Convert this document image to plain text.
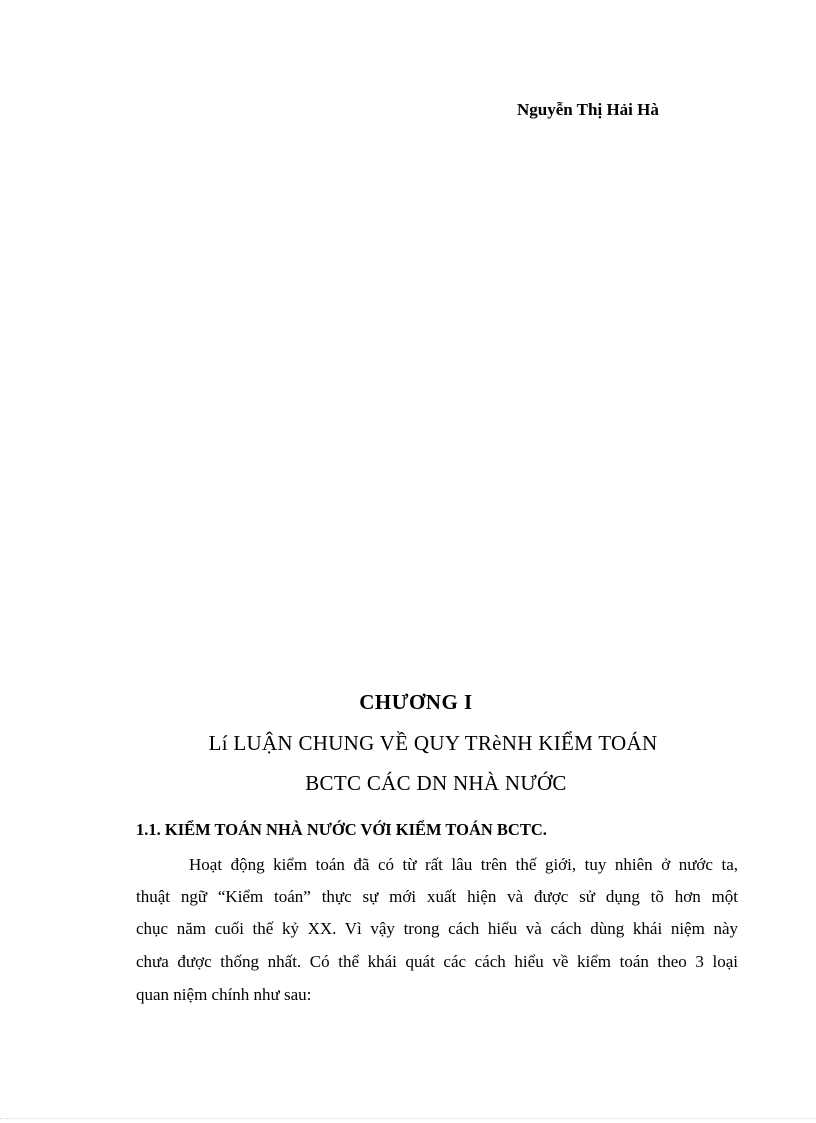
Nguyễn Thị Hải Hà
CHƯƠNG I
Lí LUẬN CHUNG VỀ QUY TRèNH KIỂM TOÁN
BCTC CÁC DN NHÀ NƯỚC
1.1. KIỂM TOÁN NHÀ NƯỚC VỚI KIỂM TOÁN BCTC.
Hoạt động kiểm toán đã có từ rất lâu trên thế giới, tuy nhiên ở nước ta,
thuật ngữ “Kiểm toán” thực sự mới xuất hiện và được sử dụng tõ hơn một
chục năm cuối thế kỷ XX. Vì vậy trong cách hiểu và cách dùng khái niệm này
chưa được thống nhất. Có thể khái quát các cách hiểu về kiểm toán theo 3 loại
quan niệm chính như sau:
